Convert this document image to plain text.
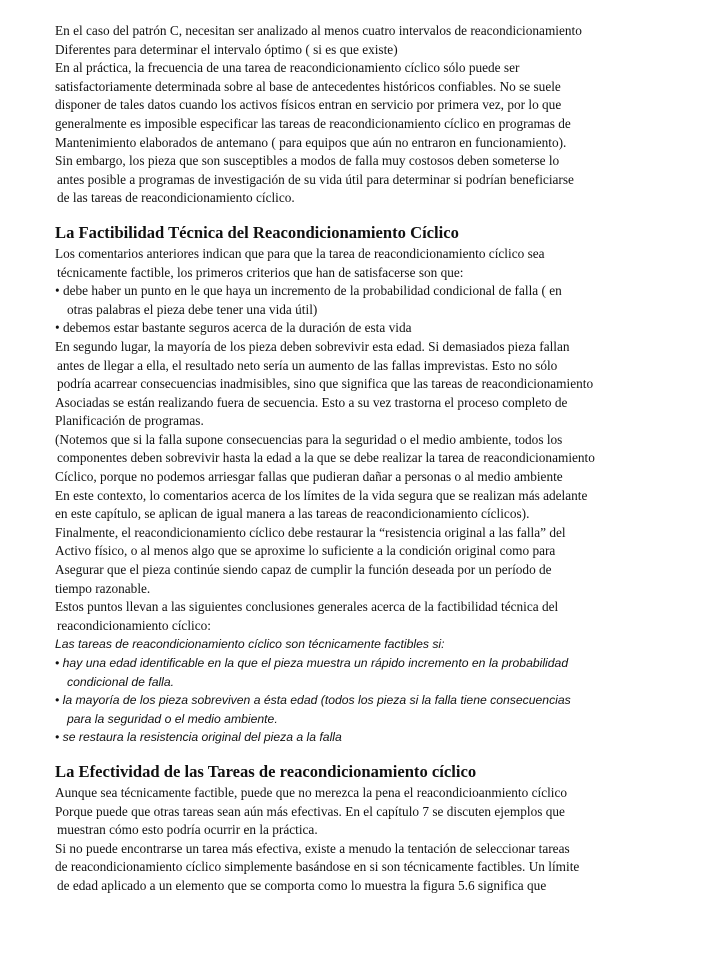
En el caso del patrón C, necesitan ser analizado al menos cuatro intervalos de reacondicionamiento
Diferentes para determinar el intervalo óptimo ( si es que existe)
En al práctica, la frecuencia de una tarea de reacondicionamiento cíclico sólo puede ser
satisfactoriamente determinada sobre al base de antecedentes históricos confiables. No se suele
disponer de tales datos cuando los activos físicos entran en servicio por primera vez, por lo que
generalmente es imposible especificar las tareas de reacondicionamiento cíclico en programas de
Mantenimiento elaborados de antemano ( para equipos que aún no entraron en funcionamiento).
Sin embargo, los pieza que son susceptibles a modos de falla muy costosos deben someterse lo
antes posible a programas de investigación de su vida útil para determinar si podrían beneficiarse
de las tareas de reacondicionamiento cíclico.
La Factibilidad Técnica del Reacondicionamiento Cíclico
Los comentarios anteriores indican que para que la tarea de reacondicionamiento cíclico sea
técnicamente factible, los primeros criterios que han de satisfacerse son que:
• debe haber un punto en le que haya un incremento de la probabilidad condicional de falla ( en
otras palabras el pieza debe tener una vida útil)
• debemos estar bastante seguros acerca de la duración de esta vida
En segundo lugar, la mayoría de los pieza deben sobrevivir esta edad. Si demasiados pieza fallan
antes de llegar a ella, el resultado neto sería un aumento de las fallas imprevistas. Esto no sólo
podría acarrear consecuencias inadmisibles, sino que significa que las tareas de reacondicionamiento
Asociadas se están realizando fuera de secuencia. Esto a su vez trastorna el proceso completo de
Planificación de programas.
(Notemos que si la falla supone consecuencias para la seguridad o el medio ambiente, todos los
componentes deben sobrevivir hasta la edad a la que se debe realizar la tarea de reacondicionamiento
Cíclico, porque no podemos arriesgar fallas que pudieran dañar a personas o al medio ambiente
En este contexto, lo comentarios acerca de los límites de la vida segura que se realizan más adelante
en este capítulo, se aplican de igual manera a las tareas de reacondicionamiento cíclicos).
Finalmente, el reacondicionamiento cíclico debe restaurar la “resistencia original a las falla” del
Activo físico, o al menos algo que se aproxime lo suficiente a la condición original como para
Asegurar que el pieza continúe siendo capaz de cumplir la función deseada por un período de
tiempo razonable.
Estos puntos llevan a las siguientes conclusiones generales acerca de la factibilidad técnica del
reacondicionamiento cíclico:
Las tareas de reacondicionamiento cíclico son técnicamente factibles si:
• hay una edad identificable en la que el pieza muestra un rápido incremento en la probabilidad
condicional de falla.
• la mayoría de los pieza sobreviven a ésta edad (todos los pieza si la falla tiene consecuencias
para la seguridad o el medio ambiente.
• se restaura la resistencia original del pieza a la falla
La Efectividad de las Tareas de reacondicionamiento cíclico
Aunque sea técnicamente factible, puede que no merezca la pena el reacondicioanmiento cíclico
Porque puede que otras tareas sean aún más efectivas. En el capítulo 7 se discuten ejemplos que
muestran cómo esto podría ocurrir en la práctica.
Si no puede encontrarse un tarea más efectiva, existe a menudo la tentación de seleccionar tareas
de reacondicionamiento cíclico simplemente basándose en si son técnicamente factibles. Un límite
de edad aplicado a un elemento que se comporta como lo muestra la figura 5.6 significa que
